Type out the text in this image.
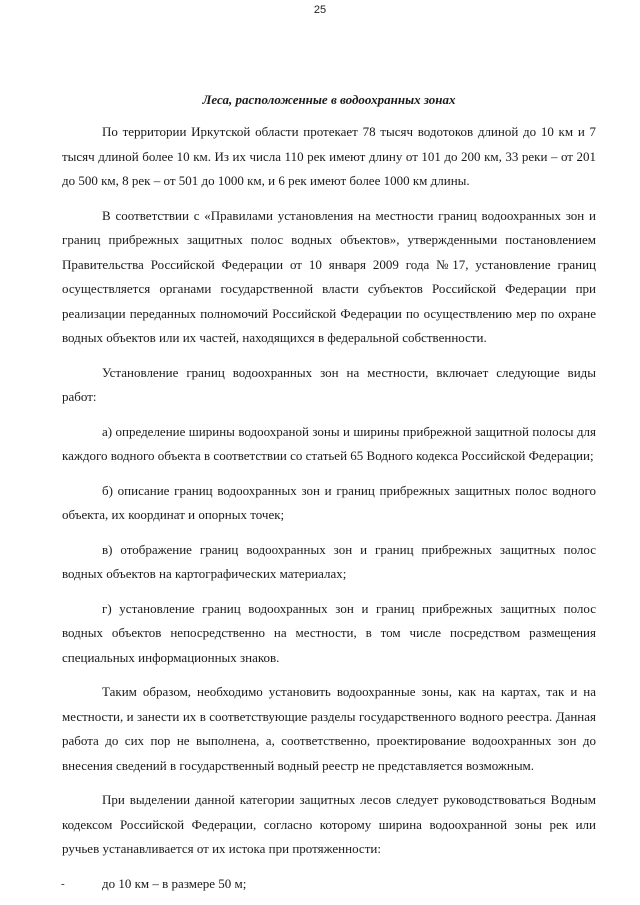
25

Леса, расположенные в водоохранных зонах

По территории Иркутской области протекает 78 тысяч водотоков длиной до 10 км и 7 тысяч длиной более 10 км. Из их числа 110 рек имеют длину от 101 до 200 км, 33 реки – от 201 до 500 км, 8 рек – от 501 до 1000 км, и 6 рек имеют более 1000 км длины.

В соответствии с «Правилами установления на местности границ водоохранных зон и границ прибрежных защитных полос водных объектов», утвержденными постановлением Правительства Российской Федерации от 10 января 2009 года №17, установление границ осуществляется органами государственной власти субъектов Российской Федерации при реализации переданных полномочий Российской Федерации по осуществлению мер по охране водных объектов или их частей, находящихся в федеральной собственности.

Установление границ водоохранных зон на местности, включает следующие виды работ:

а) определение ширины водоохраной зоны и ширины прибрежной защитной полосы для каждого водного объекта в соответствии со статьей 65 Водного кодекса Российской Федерации;

б) описание границ водоохранных зон и границ прибрежных защитных полос водного объекта, их координат и опорных точек;

в) отображение границ водоохранных зон и границ прибрежных защитных полос водных объектов на картографических материалах;

г) установление границ водоохранных зон и границ прибрежных защитных полос водных объектов непосредственно на местности, в том числе посредством размещения специальных информационных знаков.

Таким образом, необходимо установить водоохранные зоны, как на картах, так и на местности, и занести их в соответствующие разделы государственного водного реестра. Данная работа до сих пор не выполнена, а, соответственно, проектирование водоохранных зон до внесения сведений в государственный водный реестр не представляется возможным.

При выделении данной категории защитных лесов следует руководствоваться Водным кодексом Российской Федерации, согласно которому ширина водоохранной зоны рек или ручьев устанавливается от их истока при протяженности:

-	до 10 км – в размере 50 м;
